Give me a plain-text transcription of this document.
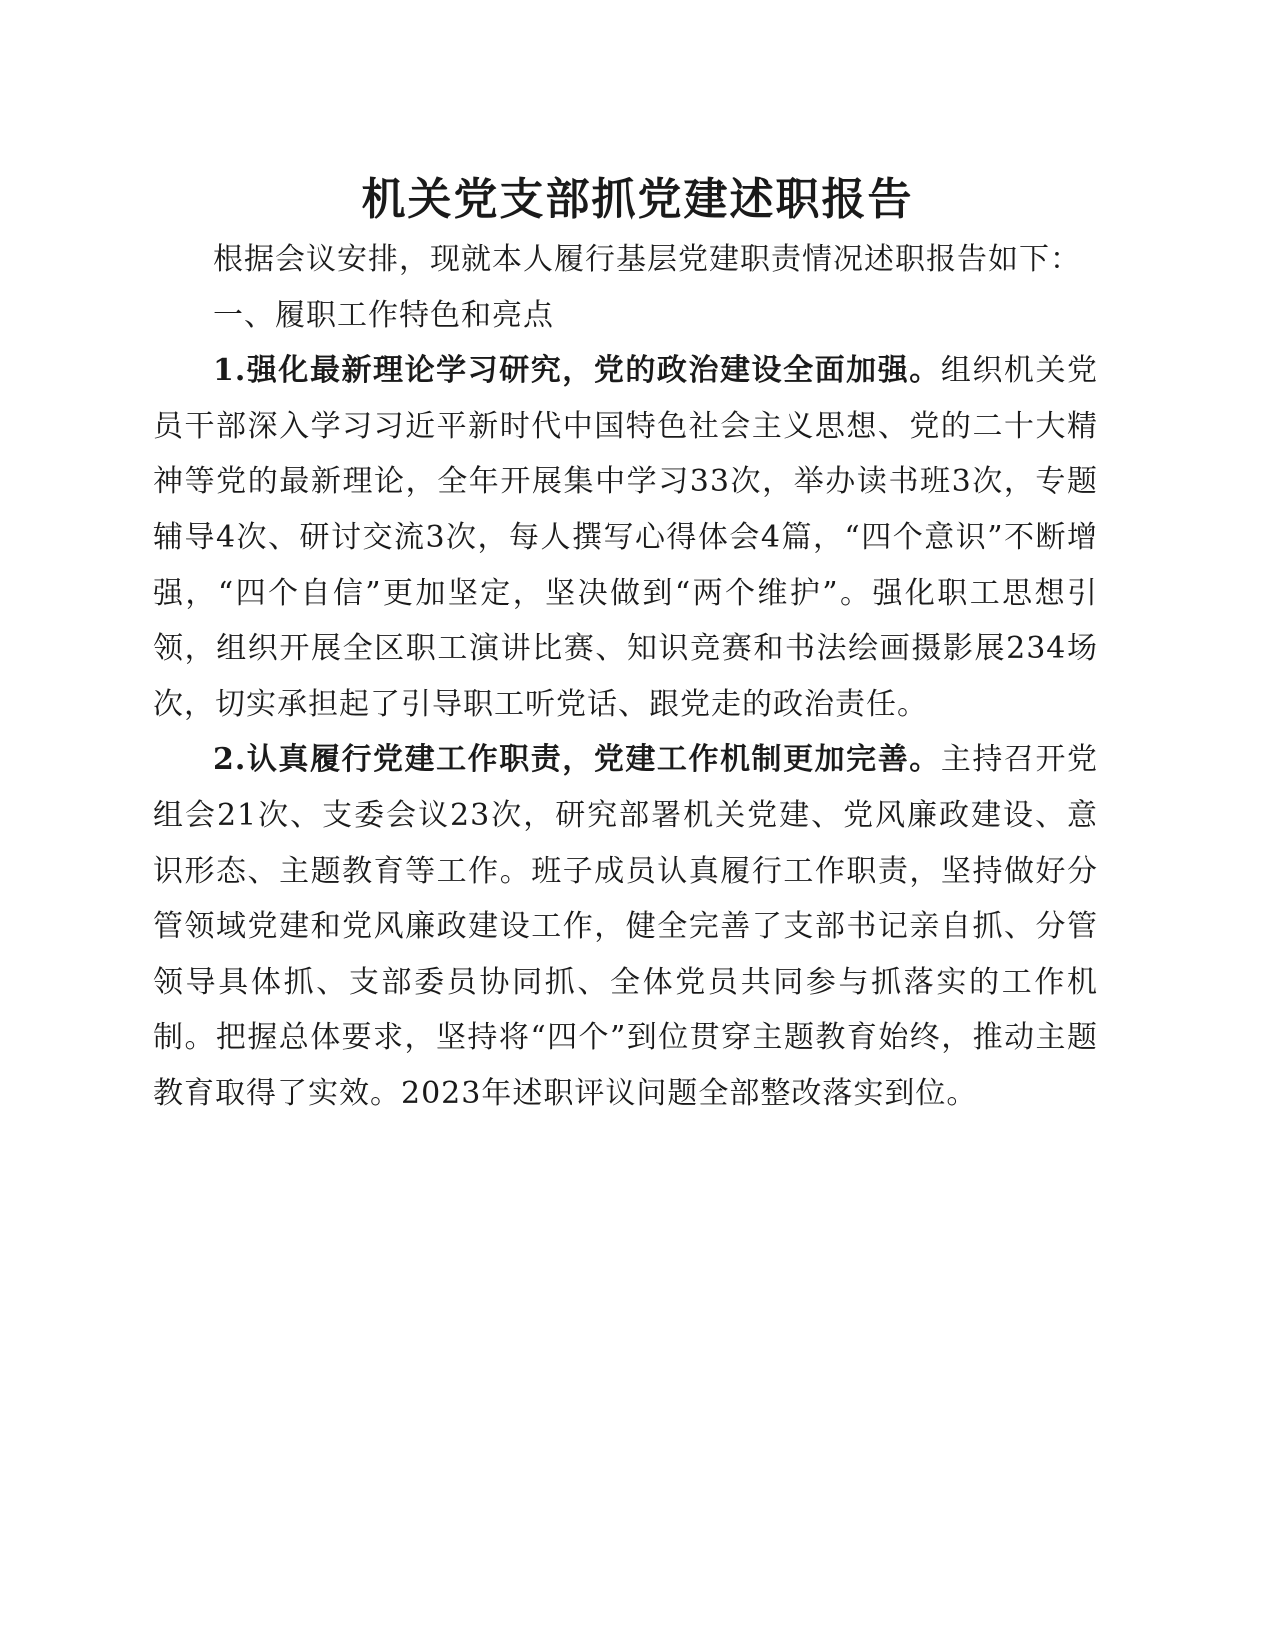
机关党支部抓党建述职报告

根据会议安排，现就本人履行基层党建职责情况述职报告如下：

一、履职工作特色和亮点

1.强化最新理论学习研究，党的政治建设全面加强。组织机关党员干部深入学习习近平新时代中国特色社会主义思想、党的二十大精神等党的最新理论，全年开展集中学习33次，举办读书班3次，专题辅导4次、研讨交流3次，每人撰写心得体会4篇，“四个意识”不断增强，“四个自信”更加坚定，坚决做到“两个维护”。强化职工思想引领，组织开展全区职工演讲比赛、知识竞赛和书法绘画摄影展234场次，切实承担起了引导职工听党话、跟党走的政治责任。

2.认真履行党建工作职责，党建工作机制更加完善。主持召开党组会21次、支委会议23次，研究部署机关党建、党风廉政建设、意识形态、主题教育等工作。班子成员认真履行工作职责，坚持做好分管领域党建和党风廉政建设工作，健全完善了支部书记亲自抓、分管领导具体抓、支部委员协同抓、全体党员共同参与抓落实的工作机制。把握总体要求，坚持将“四个”到位贯穿主题教育始终，推动主题教育取得了实效。2023年述职评议问题全部整改落实到位。
